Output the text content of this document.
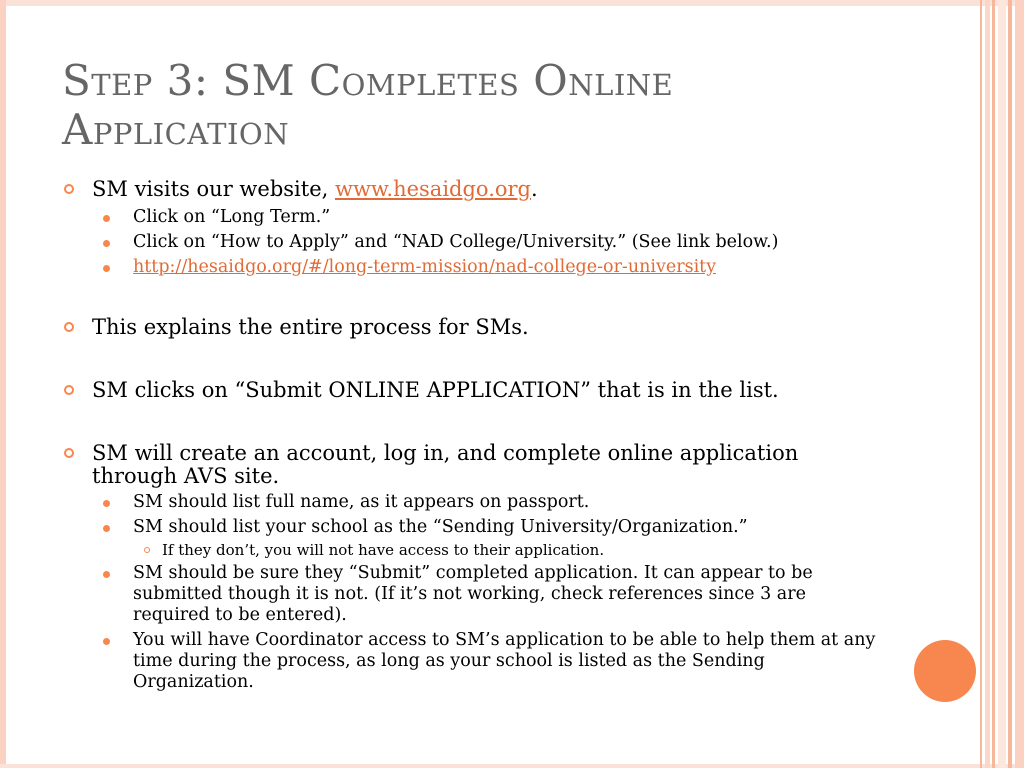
Step 3: SM Completes Online
Application
SM visits our website, www.hesaidgo.org.
Click on “Long Term.”
Click on “How to Apply” and “NAD College/University.” (See link below.)
http://hesaidgo.org/#/long-term-mission/nad-college-or-university
This explains the entire process for SMs.
SM clicks on “Submit ONLINE APPLICATION” that is in the list.
SM will create an account, log in, and complete online application through AVS site.
SM should list full name, as it appears on passport.
SM should list your school as the “Sending University/Organization.”
If they don’t, you will not have access to their application.
SM should be sure they “Submit” completed application. It can appear to be submitted though it is not. (If it’s not working, check references since 3 are required to be entered).
You will have Coordinator access to SM’s application to be able to help them at any time during the process, as long as your school is listed as the Sending Organization.
